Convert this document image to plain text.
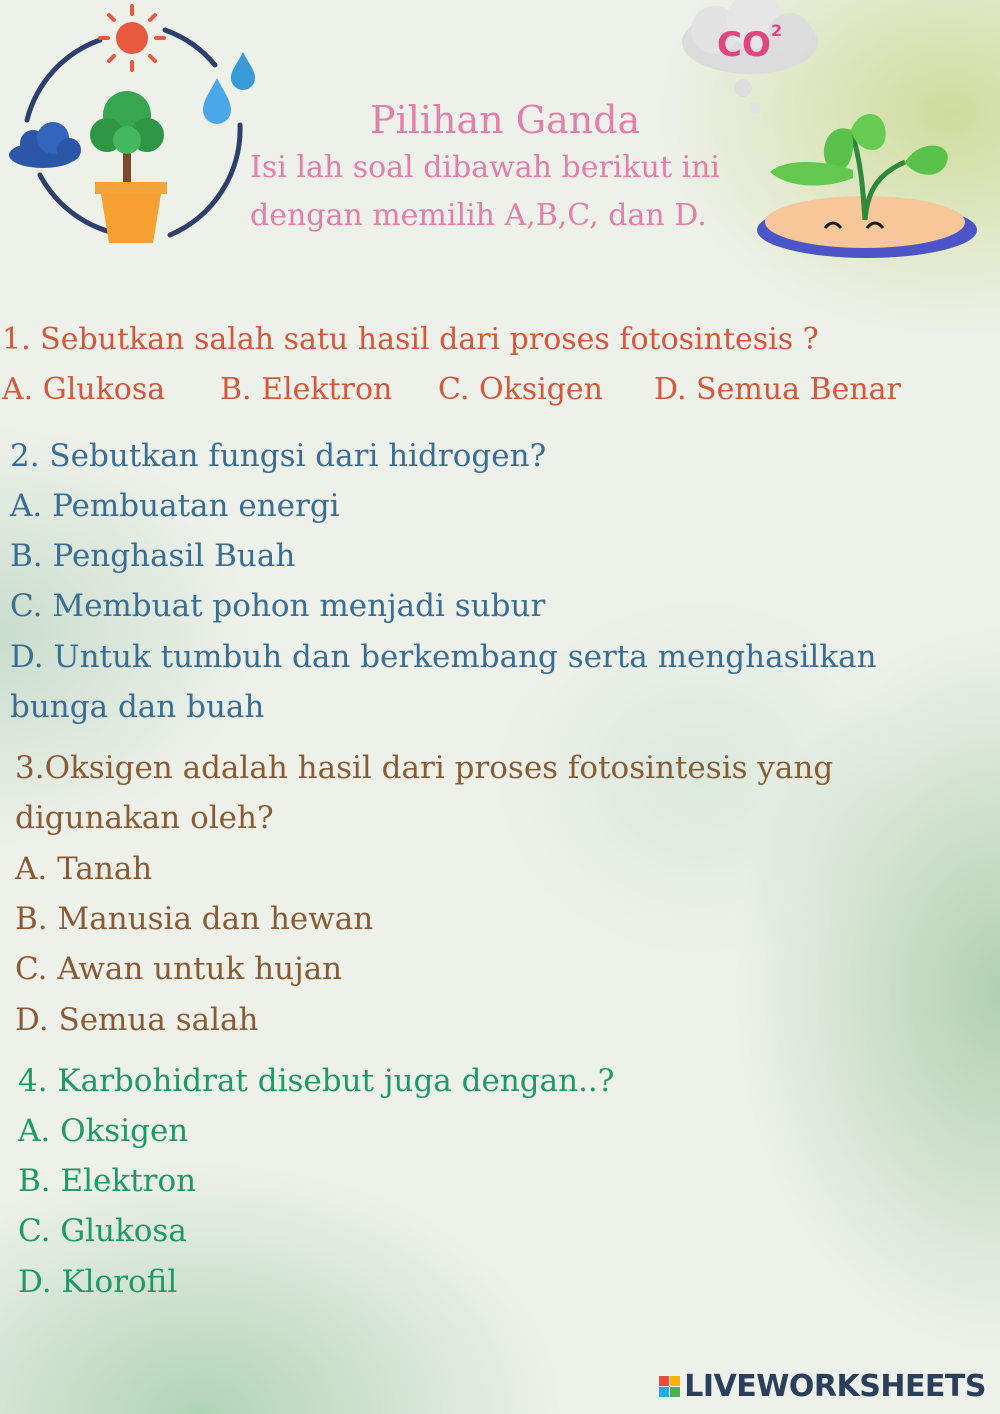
CO 2
Pilihan Ganda
Isi lah soal dibawah berikut ini
dengan memilih A,B,C, dan D.
1. Sebutkan salah satu hasil dari proses fotosintesis ?
A. Glukosa B. Elektron C. Oksigen D. Semua Benar
2. Sebutkan fungsi dari hidrogen?
A. Pembuatan energi
B. Penghasil Buah
C. Membuat pohon menjadi subur
D. Untuk tumbuh dan berkembang serta menghasilkan
bunga dan buah
3.Oksigen adalah hasil dari proses fotosintesis yang
digunakan oleh?
A. Tanah
B. Manusia dan hewan
C. Awan untuk hujan
D. Semua salah
4. Karbohidrat disebut juga dengan..?
A. Oksigen
B. Elektron
C. Glukosa
D. Klorofil
LIVEWORKSHEETS
